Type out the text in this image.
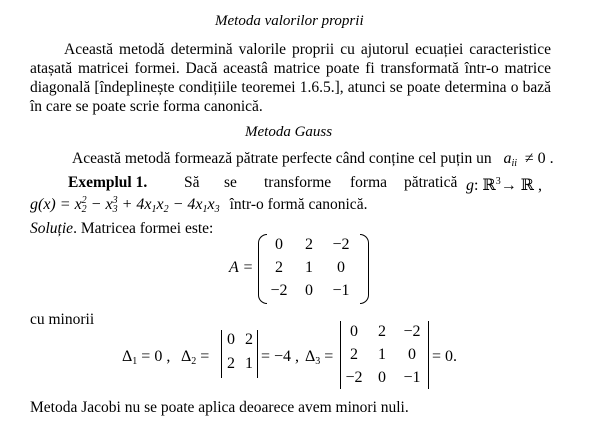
Metoda valorilor proprii
Această metodă determină valorile proprii cu ajutorul ecuației caracteristice
atașată matricei formei. Dacă aceastâ matrice poate fi transformată într-o matrice
diagonală [îndeplinește condițiile teoremei 1.6.5.], atunci se poate determina o bază
în care se poate scrie forma canonică.
Metoda Gauss
Această metodă formează pătrate perfecte când conține cel puțin un $a_{ii} \ne 0$ .
Exemplul 1. Să se transforme forma pătratică g: ℝ$^3$→ ℝ ,
$g(x) = x^2_2 - x^3_3 + 4x_1x_2 - 4x_1x_3$ într-o formă canonică.
Soluție. Matricea formei este:
A =
0	2	−2
2	1	0
−2	0	−1
cu minorii
$\Delta_1 = 0$ , $\Delta_2$ =
0 2
2 1 = −4 , $\Delta_3$ =
0	2	−2
2	1	0
−2 0	−1
= 0.
Metoda Jacobi nu se poate aplica deoarece avem minori nuli.
